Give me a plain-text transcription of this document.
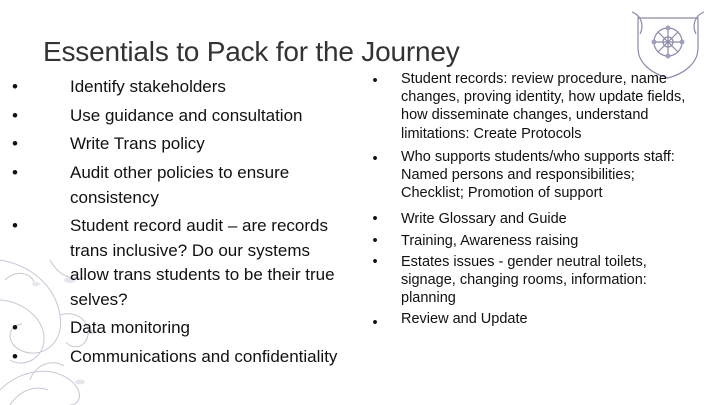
Essentials to Pack for the Journey
•	Identify stakeholders
•	Use guidance and consultation
•	Write Trans policy
•	Audit other policies to ensure consistency
•	Student record audit – are records trans inclusive? Do our systems allow trans students to be their true selves?
•	Data monitoring
•	Communications and confidentiality
•	Student records: review procedure, name changes, proving identity, how update fields, how disseminate changes, understand limitations: Create Protocols
•	Who supports students/who supports staff: Named persons and responsibilities; Checklist; Promotion of support
•	Write Glossary and Guide
•	Training, Awareness raising
•	Estates issues - gender neutral toilets, signage, changing rooms, information: planning
•	Review and Update
